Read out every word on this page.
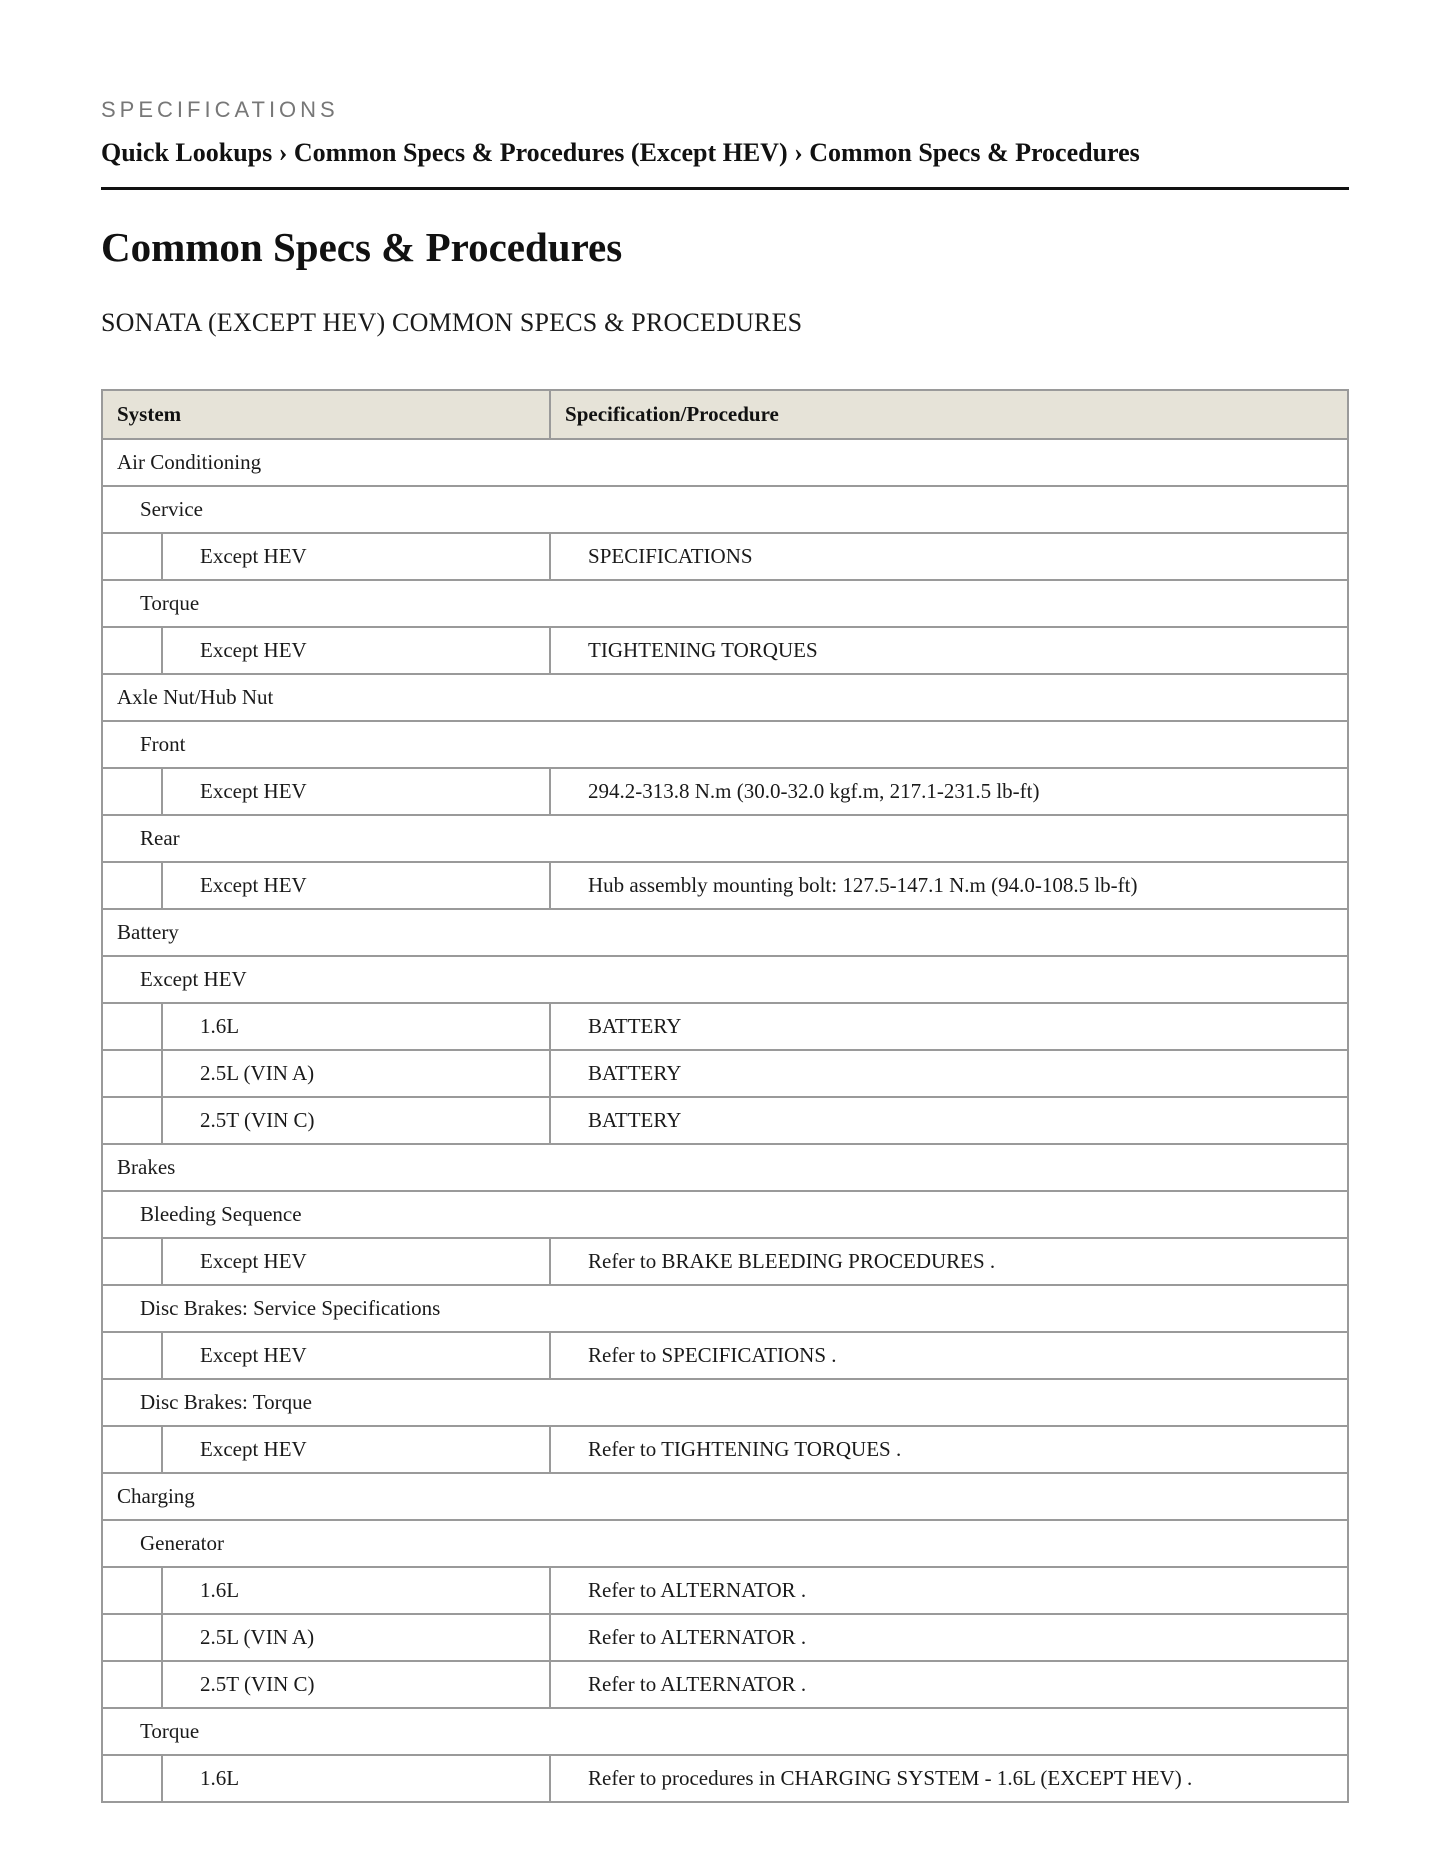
SPECIFICATIONS
Quick Lookups › Common Specs & Procedures (Except HEV) › Common Specs & Procedures
Common Specs & Procedures
SONATA (EXCEPT HEV) COMMON SPECS & PROCEDURES
System		Specification/Procedure
Air Conditioning		
Service		
	Except HEV	SPECIFICATIONS
Torque		
	Except HEV	TIGHTENING TORQUES
Axle Nut/Hub Nut		
Front		
	Except HEV	294.2-313.8 N.m (30.0-32.0 kgf.m, 217.1-231.5 lb-ft)
Rear		
	Except HEV	Hub assembly mounting bolt: 127.5-147.1 N.m (94.0-108.5 lb-ft)
Battery		
Except HEV		
	1.6L	BATTERY
	2.5L (VIN A)	BATTERY
	2.5T (VIN C)	BATTERY
Brakes		
Bleeding Sequence		
	Except HEV	Refer to BRAKE BLEEDING PROCEDURES .
Disc Brakes: Service Specifications		
	Except HEV	Refer to SPECIFICATIONS .
Disc Brakes: Torque		
	Except HEV	Refer to TIGHTENING TORQUES .
Charging		
Generator		
	1.6L	Refer to ALTERNATOR .
	2.5L (VIN A)	Refer to ALTERNATOR .
	2.5T (VIN C)	Refer to ALTERNATOR .
Torque		
	1.6L	Refer to procedures in CHARGING SYSTEM - 1.6L (EXCEPT HEV) .
